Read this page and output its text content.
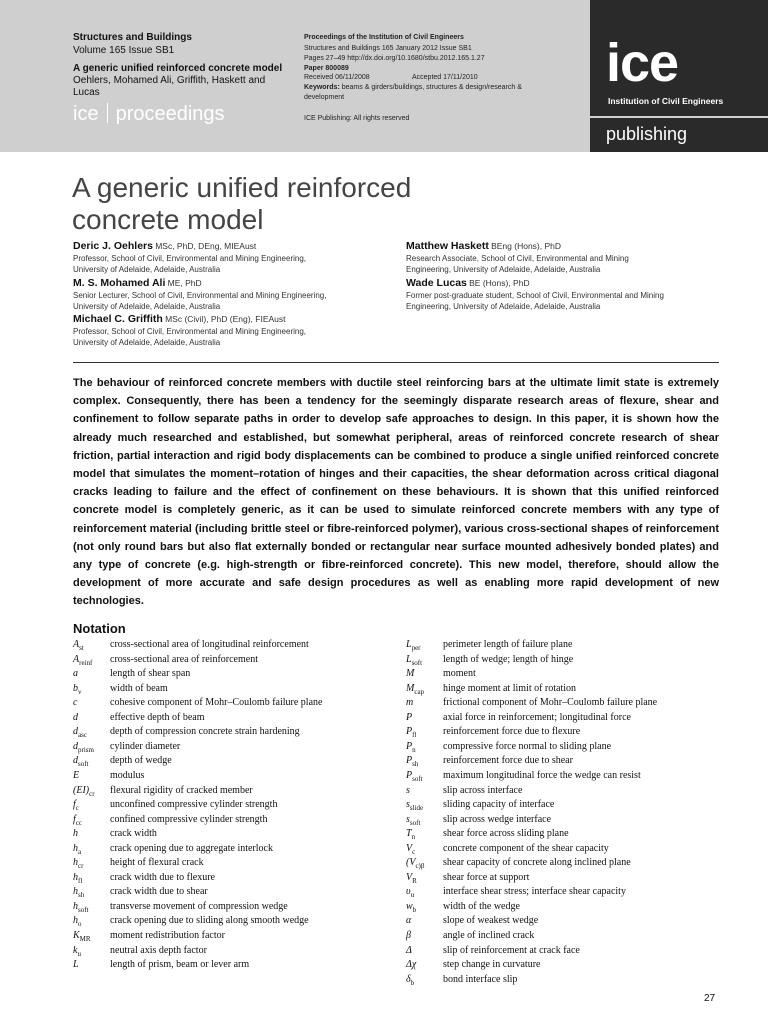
Structures and Buildings
Volume 165 Issue SB1
A generic unified reinforced concrete model
Oehlers, Mohamed Ali, Griffith, Haskett and
Lucas
ice proceedings
Proceedings of the Institution of Civil Engineers
Structures and Buildings 165 January 2012 Issue SB1
Pages 27–49 http://dx.doi.org/10.1680/stbu.2012.165.1.27
Paper 800089
Received 06/11/2008	Accepted 17/11/2010
Keywords: beams & girders/buildings, structures & design/research &
development
ICE Publishing: All rights reserved
ice
Institution of Civil Engineers
publishing
A generic unified reinforced
concrete model
Deric J. Oehlers MSc, PhD, DEng, MIEAust
Professor, School of Civil, Environmental and Mining Engineering,
University of Adelaide, Adelaide, Australia
M. S. Mohamed Ali ME, PhD
Senior Lecturer, School of Civil, Environmental and Mining Engineering,
University of Adelaide, Adelaide, Australia
Michael C. Griffith MSc (Civil), PhD (Eng), FIEAust
Professor, School of Civil, Environmental and Mining Engineering,
University of Adelaide, Adelaide, Australia
Matthew Haskett BEng (Hons), PhD
Research Associate, School of Civil, Environmental and Mining
Engineering, University of Adelaide, Adelaide, Australia
Wade Lucas BE (Hons), PhD
Former post-graduate student, School of Civil, Environmental and Mining
Engineering, University of Adelaide, Adelaide, Australia
The behaviour of reinforced concrete members with ductile steel reinforcing bars at the ultimate limit state is extremely complex. Consequently, there has been a tendency for the seemingly disparate research areas of flexure, shear and confinement to follow separate paths in order to develop safe approaches to design. In this paper, it is shown how the already much researched and established, but somewhat peripheral, areas of reinforced concrete research of shear friction, partial interaction and rigid body displacements can be combined to produce a single unified reinforced concrete model that simulates the moment–rotation of hinges and their capacities, the shear deformation across critical diagonal cracks leading to failure and the effect of confinement on these behaviours. It is shown that this unified reinforced concrete model is completely generic, as it can be used to simulate reinforced concrete members with any type of reinforcement material (including brittle steel or fibre-reinforced polymer), various cross-sectional shapes of reinforcement (not only round bars but also flat externally bonded or rectangular near surface mounted adhesively bonded plates) and any type of concrete (e.g. high-strength or fibre-reinforced concrete). This new model, therefore, should allow the development of more accurate and safe design procedures as well as enabling more rapid development of new technologies.
Notation
$A_{st}$	cross-sectional area of longitudinal reinforcement
$A_{reinf}$ cross-sectional area of reinforcement
a	length of shear span
$b_v$	width of beam
c	cohesive component of Mohr–Coulomb failure plane
d	effective depth of beam
$d_{asc}$ depth of compression concrete strain hardening
$d_{prism}$ cylinder diameter
$d_{soft}$ depth of wedge
E	modulus
$(EI)_{cr}$ flexural rigidity of cracked member
$f_c$	unconfined compressive cylinder strength
$f_{cc}$	confined compressive cylinder strength
h	crack width
$h_a$	crack opening due to aggregate interlock
$h_{cr}$	height of flexural crack
$h_{fl}$	crack width due to flexure
$h_{sh}$	crack width due to shear
$h_{soft}$ transverse movement of compression wedge
$h_o$	crack opening due to sliding along smooth wedge
$K_{MR}$ moment redistribution factor
$k_u$	neutral axis depth factor
L	length of prism, beam or lever arm
$L_{per}$ perimeter length of failure plane
$L_{soft}$ length of wedge; length of hinge
M	moment
$M_{cap}$ hinge moment at limit of rotation
m	frictional component of Mohr–Coulomb failure plane
P	axial force in reinforcement; longitudinal force
$P_{fl}$	reinforcement force due to flexure
$P_n$	compressive force normal to sliding plane
$P_{sh}$ reinforcement force due to shear
$P_{soft}$ maximum longitudinal force the wedge can resist
s	slip across interface
$s_{slide}$ sliding capacity of interface
$s_{soft}$ slip across wedge interface
$T_n$	shear force across sliding plane
$V_c$	concrete component of the shear capacity
($V_{c)\beta}$ shear capacity of concrete along inclined plane
$V_R$	shear force at support
$\upsilon_u$	interface shear stress; interface shear capacity
$w_b$	width of the wedge
α	slope of weakest wedge
β	angle of inclined crack
Δ	slip of reinforcement at crack face
Δχ	step change in curvature
$\delta_b$	bond interface slip
27
